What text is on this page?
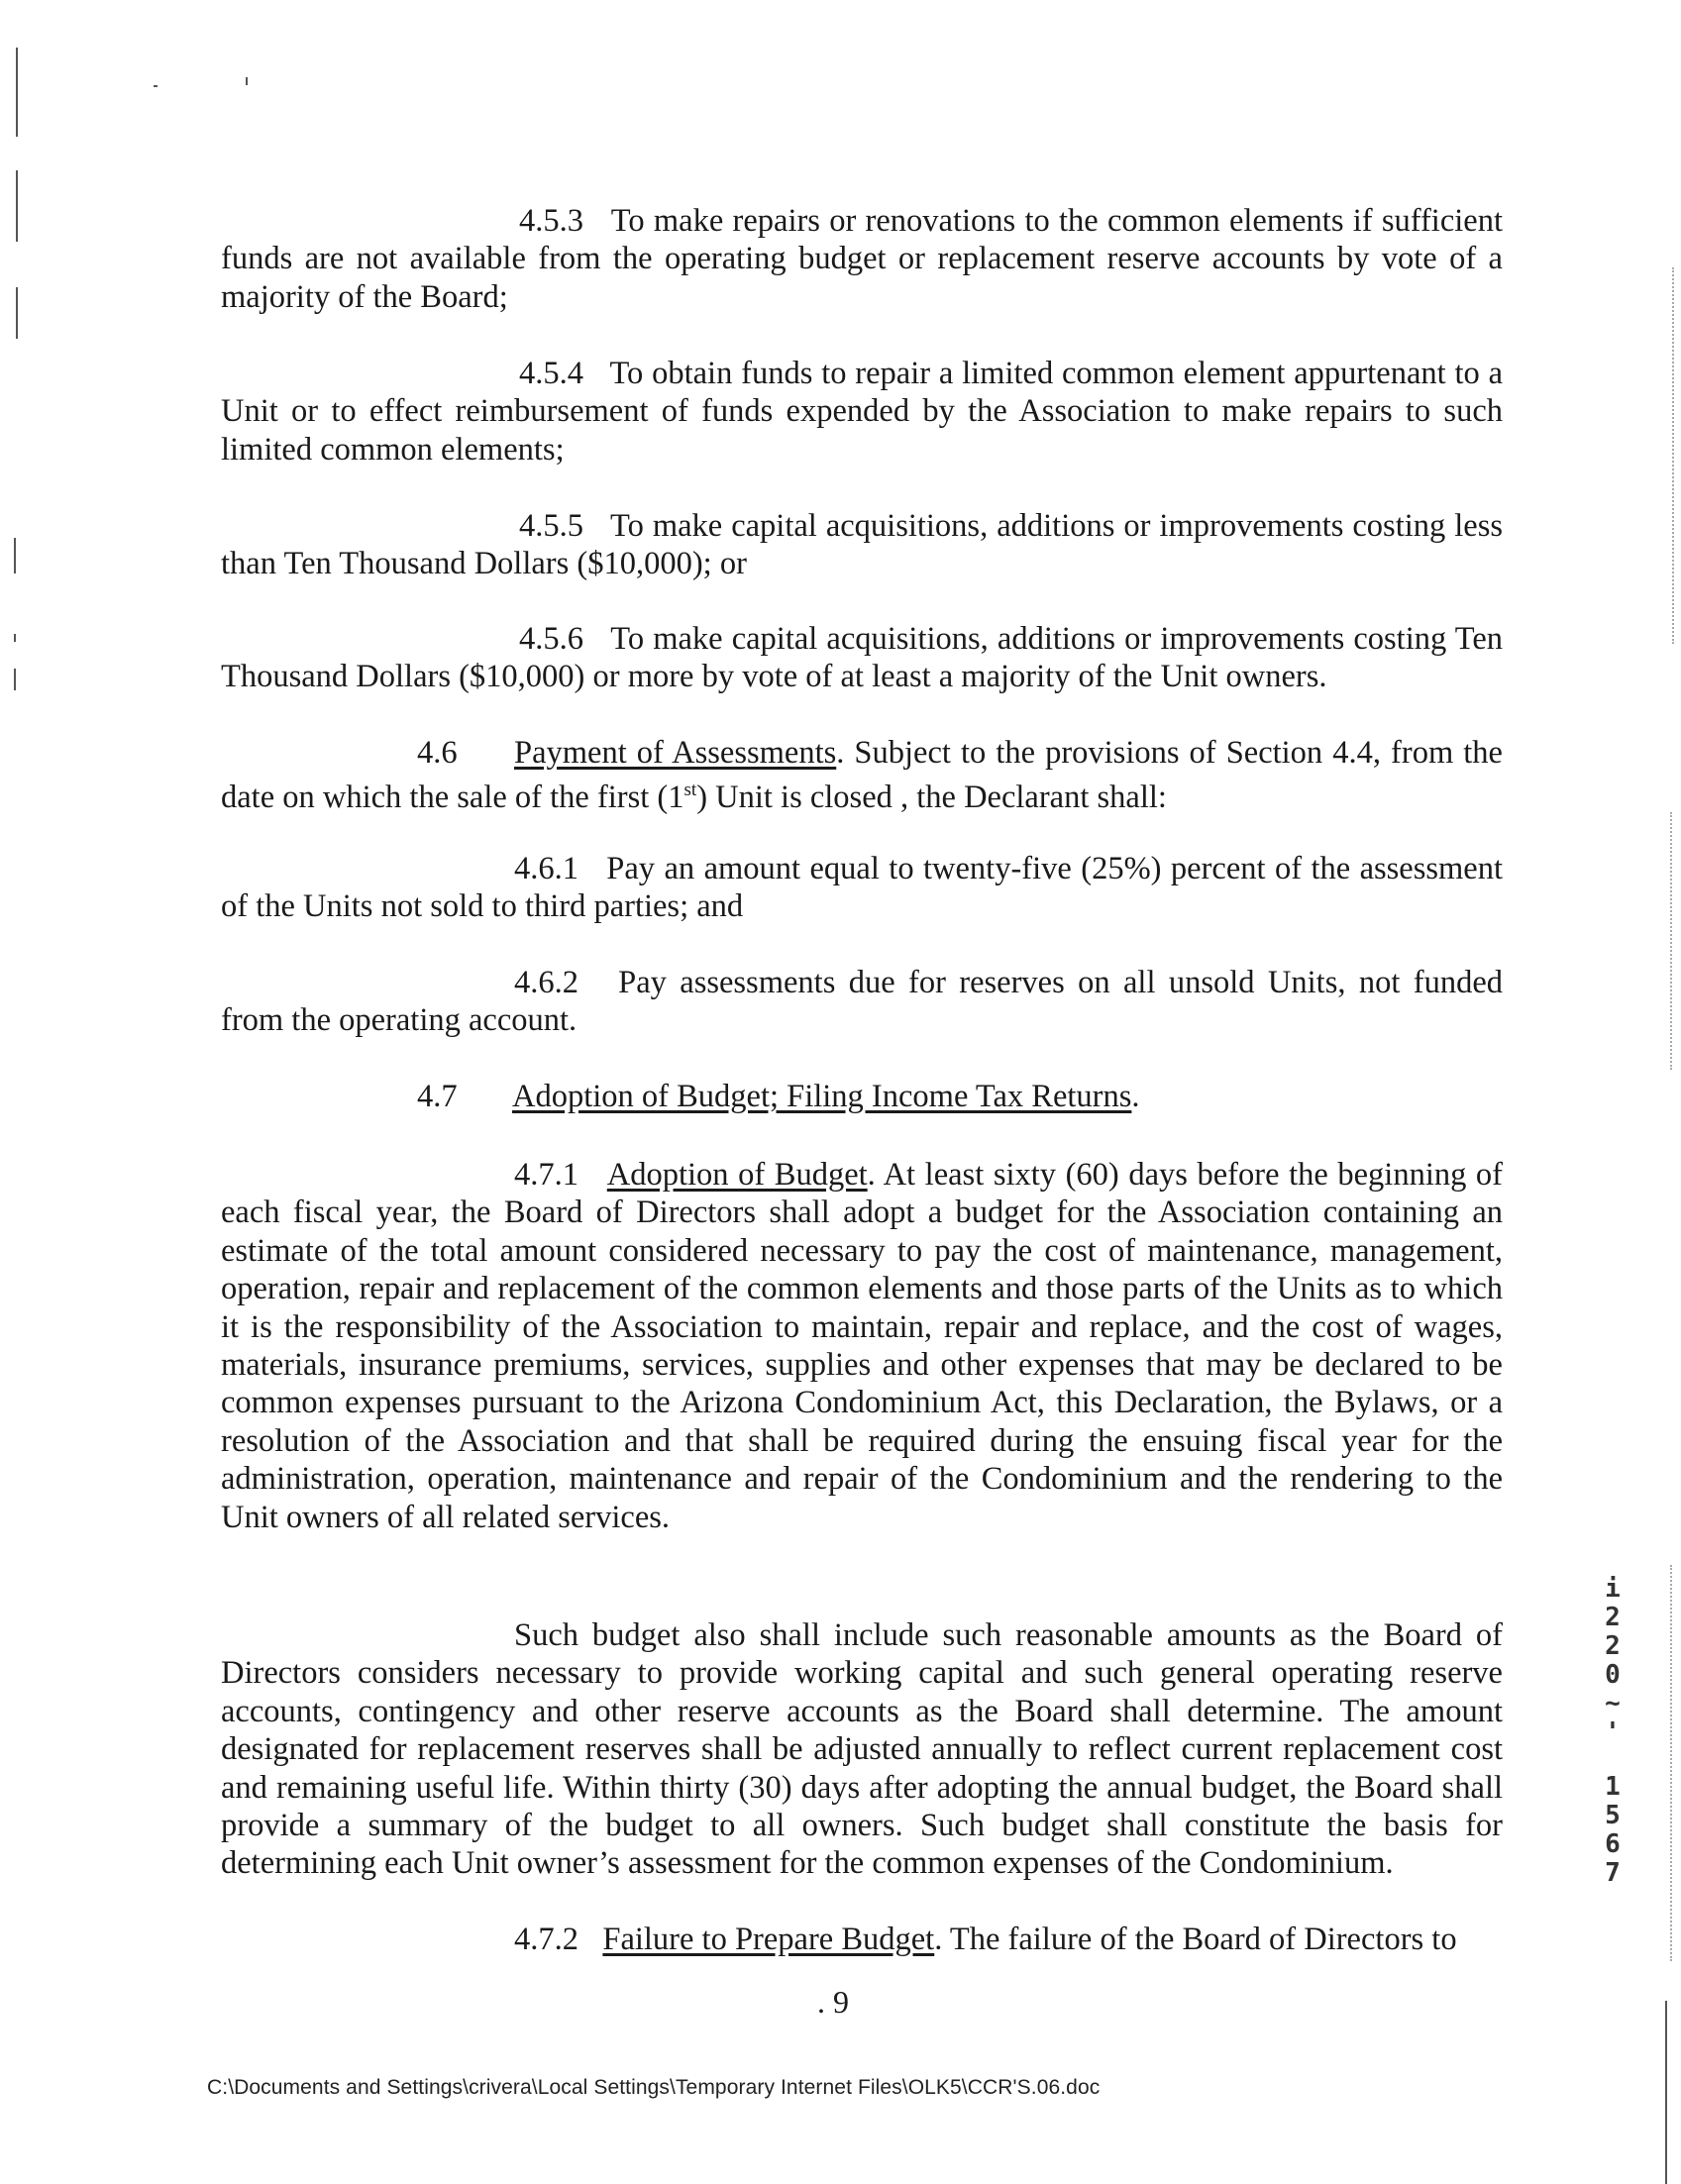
4.5.3 To make repairs or renovations to the common elements if sufficient funds are not available from the operating budget or replacement reserve accounts by vote of a majority of the Board;

4.5.4 To obtain funds to repair a limited common element appurtenant to a Unit or to effect reimbursement of funds expended by the Association to make repairs to such limited common elements;

4.5.5 To make capital acquisitions, additions or improvements costing less than Ten Thousand Dollars ($10,000); or

4.5.6 To make capital acquisitions, additions or improvements costing Ten Thousand Dollars ($10,000) or more by vote of at least a majority of the Unit owners.

4.6 Payment of Assessments. Subject to the provisions of Section 4.4, from the date on which the sale of the first (1st) Unit is closed , the Declarant shall:

4.6.1 Pay an amount equal to twenty-five (25%) percent of the assessment of the Units not sold to third parties; and

4.6.2 Pay assessments due for reserves on all unsold Units, not funded from the operating account.

4.7 Adoption of Budget; Filing Income Tax Returns.

4.7.1 Adoption of Budget. At least sixty (60) days before the beginning of each fiscal year, the Board of Directors shall adopt a budget for the Association containing an estimate of the total amount considered necessary to pay the cost of maintenance, management, operation, repair and replacement of the common elements and those parts of the Units as to which it is the responsibility of the Association to maintain, repair and replace, and the cost of wages, materials, insurance premiums, services, supplies and other expenses that may be declared to be common expenses pursuant to the Arizona Condominium Act, this Declaration, the Bylaws, or a resolution of the Association and that shall be required during the ensuing fiscal year for the administration, operation, maintenance and repair of the Condominium and the rendering to the Unit owners of all related services.

Such budget also shall include such reasonable amounts as the Board of Directors considers necessary to provide working capital and such general operating reserve accounts, contingency and other reserve accounts as the Board shall determine. The amount designated for replacement reserves shall be adjusted annually to reflect current replacement cost and remaining useful life. Within thirty (30) days after adopting the annual budget, the Board shall provide a summary of the budget to all owners. Such budget shall constitute the basis for determining each Unit owner’s assessment for the common expenses of the Condominium.

4.7.2 Failure to Prepare Budget. The failure of the Board of Directors to

. 9
C:\Documents and Settings\crivera\Local Settings\Temporary Internet Files\OLK5\CCR'S.06.doc
i
2
2
0
~
'
1
5
6
7
